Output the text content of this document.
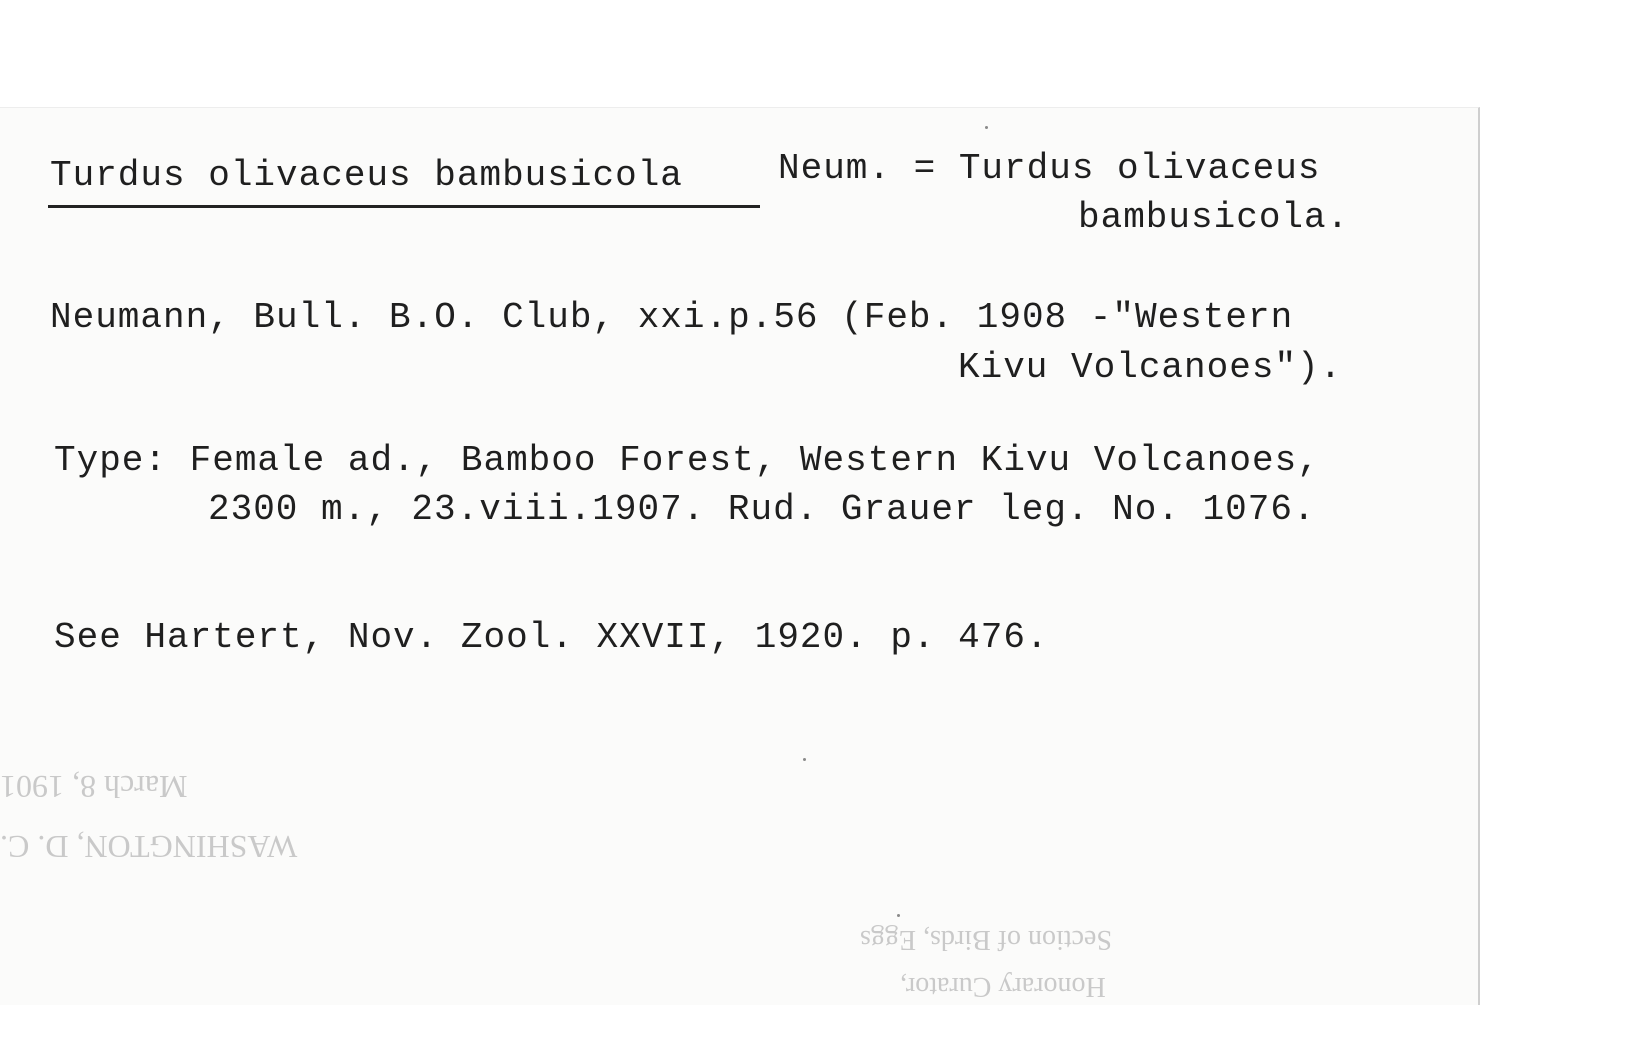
Turdus olivaceus bambusicola	Neum. = Turdus olivaceus
bambusicola.
Neumann, Bull. B.O. Club, xxi.p.56 (Feb. 1908 -"Western
Kivu Volcanoes").
Type: Female ad., Bamboo Forest, Western Kivu Volcanoes,
2300 m., 23.viii.1907. Rud. Grauer leg. No. 1076.
See Hartert, Nov. Zool. XXVII, 1920. p. 476.
March 8, 1901
WASHINGTON, D. C.
Section of Birds, Eggs
Honorary Curator,
